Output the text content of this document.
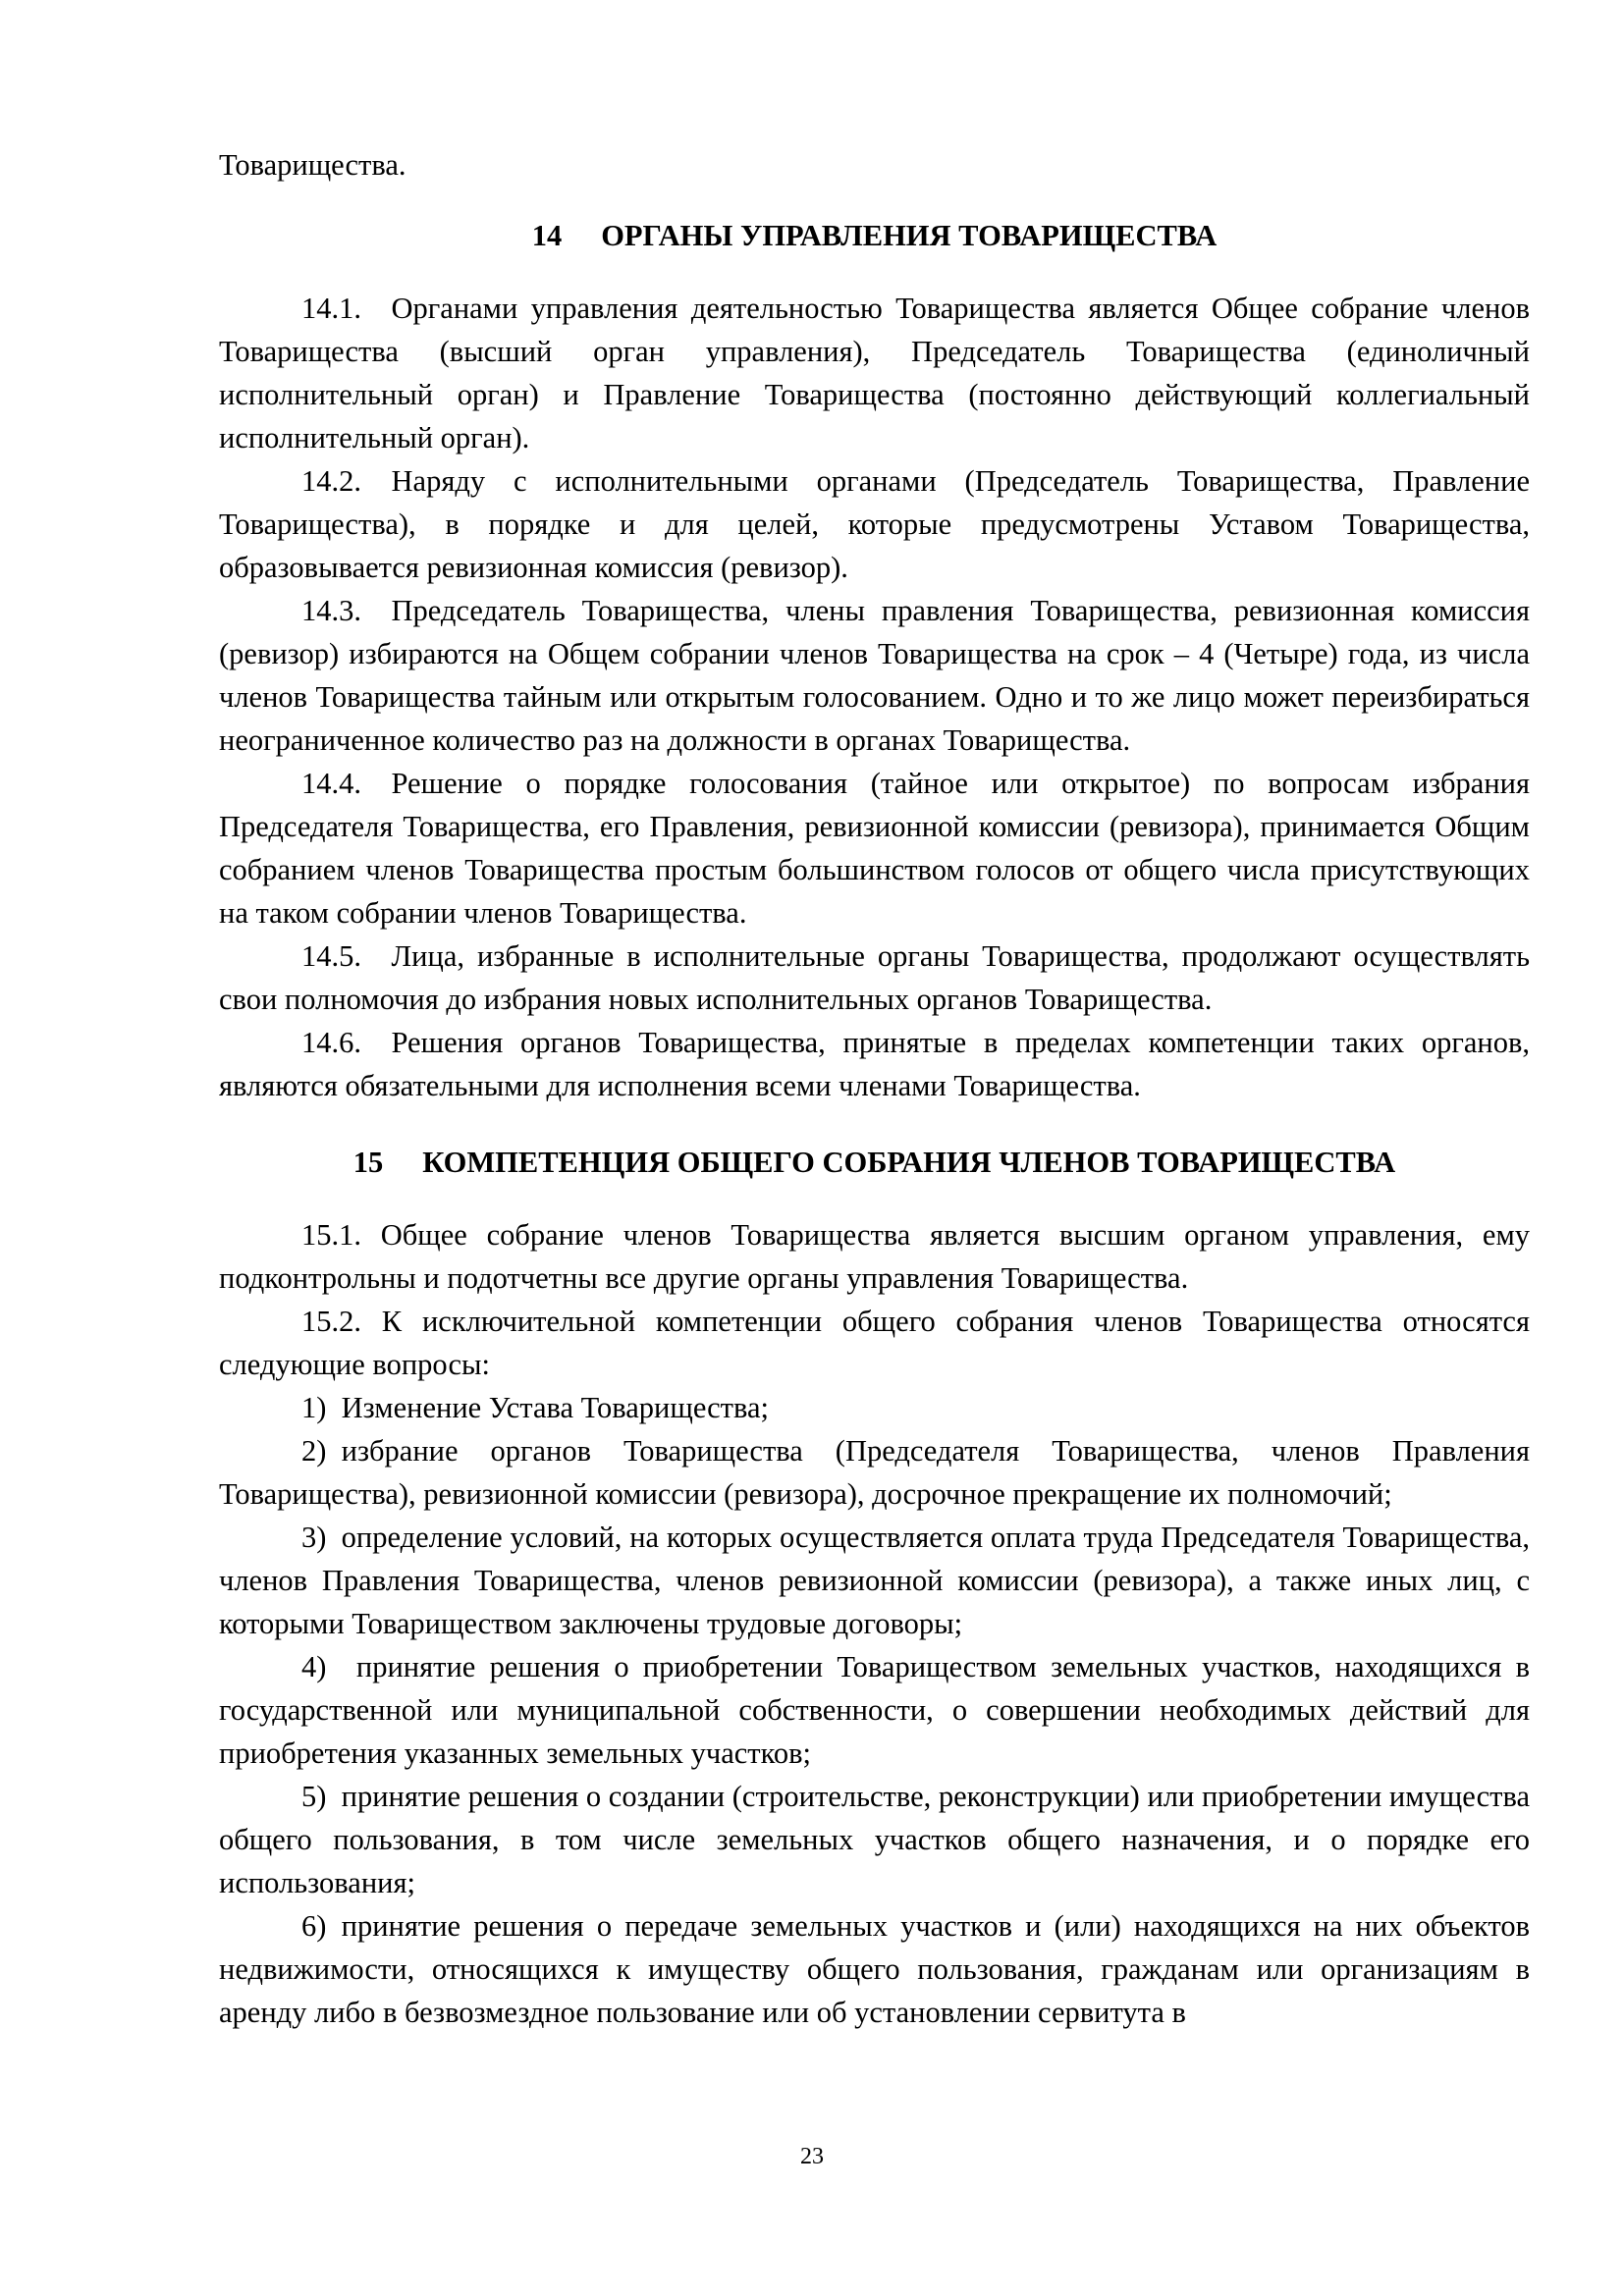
Товарищества.

14 ОРГАНЫ УПРАВЛЕНИЯ ТОВАРИЩЕСТВА

14.1. Органами управления деятельностью Товарищества является Общее собрание членов Товарищества (высший орган управления), Председатель Товарищества (единоличный исполнительный орган) и Правление Товарищества (постоянно действующий коллегиальный исполнительный орган).

14.2. Наряду с исполнительными органами (Председатель Товарищества, Правление Товарищества), в порядке и для целей, которые предусмотрены Уставом Товарищества, образовывается ревизионная комиссия (ревизор).

14.3. Председатель Товарищества, члены правления Товарищества, ревизионная комиссия (ревизор) избираются на Общем собрании членов Товарищества на срок – 4 (Четыре) года, из числа членов Товарищества тайным или открытым голосованием. Одно и то же лицо может переизбираться неограниченное количество раз на должности в органах Товарищества.

14.4. Решение о порядке голосования (тайное или открытое) по вопросам избрания Председателя Товарищества, его Правления, ревизионной комиссии (ревизора), принимается Общим собранием членов Товарищества простым большинством голосов от общего числа присутствующих на таком собрании членов Товарищества.

14.5. Лица, избранные в исполнительные органы Товарищества, продолжают осуществлять свои полномочия до избрания новых исполнительных органов Товарищества.

14.6. Решения органов Товарищества, принятые в пределах компетенции таких органов, являются обязательными для исполнения всеми членами Товарищества.

15 КОМПЕТЕНЦИЯ ОБЩЕГО СОБРАНИЯ ЧЛЕНОВ ТОВАРИЩЕСТВА

15.1. Общее собрание членов Товарищества является высшим органом управления, ему подконтрольны и подотчетны все другие органы управления Товарищества.

15.2. К исключительной компетенции общего собрания членов Товарищества относятся следующие вопросы:

1) Изменение Устава Товарищества;

2) избрание органов Товарищества (Председателя Товарищества, членов Правления Товарищества), ревизионной комиссии (ревизора), досрочное прекращение их полномочий;

3) определение условий, на которых осуществляется оплата труда Председателя Товарищества, членов Правления Товарищества, членов ревизионной комиссии (ревизора), а также иных лиц, с которыми Товариществом заключены трудовые договоры;

4) принятие решения о приобретении Товариществом земельных участков, находящихся в государственной или муниципальной собственности, о совершении необходимых действий для приобретения указанных земельных участков;

5) принятие решения о создании (строительстве, реконструкции) или приобретении имущества общего пользования, в том числе земельных участков общего назначения, и о порядке его использования;

6) принятие решения о передаче земельных участков и (или) находящихся на них объектов недвижимости, относящихся к имуществу общего пользования, гражданам или организациям в аренду либо в безвозмездное пользование или об установлении сервитута в

23
